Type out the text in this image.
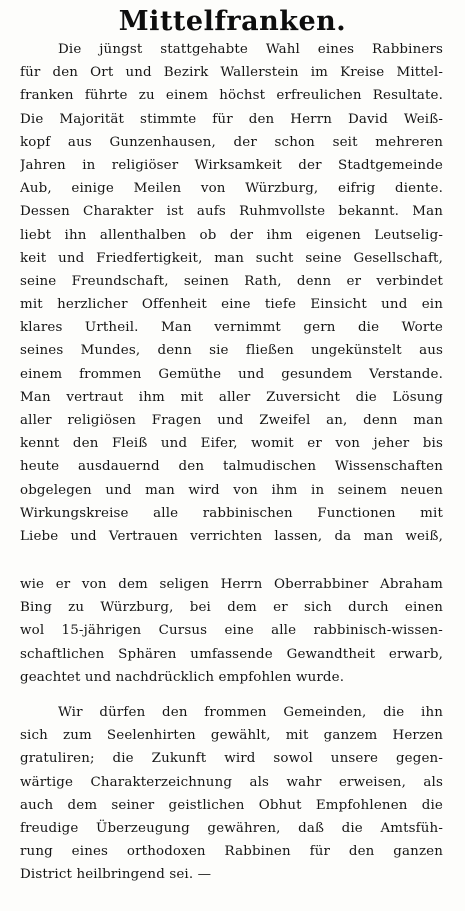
Mittelfranken.
Die jüngst stattgehabte Wahl eines Rabbiners
für den Ort und Bezirk Wallerstein im Kreise Mittel-
franken führte zu einem höchst erfreulichen Resultate.
Die Majorität stimmte für den Herrn David Weiß-
kopf aus Gunzenhausen, der schon seit mehreren
Jahren in religiöser Wirksamkeit der Stadtgemeinde
Aub, einige Meilen von Würzburg, eifrig diente.
Dessen Charakter ist aufs Ruhmvollste bekannt. Man
liebt ihn allenthalben ob der ihm eigenen Leutselig-
keit und Friedfertigkeit, man sucht seine Gesellschaft,
seine Freundschaft, seinen Rath, denn er verbindet
mit herzlicher Offenheit eine tiefe Einsicht und ein
klares Urtheil. Man vernimmt gern die Worte
seines Mundes, denn sie fließen ungekünstelt aus
einem frommen Gemüthe und gesundem Verstande.
Man vertraut ihm mit aller Zuversicht die Lösung
aller religiösen Fragen und Zweifel an, denn man
kennt den Fleiß und Eifer, womit er von jeher bis
heute ausdauernd den talmudischen Wissenschaften
obgelegen und man wird von ihm in seinem neuen
Wirkungskreise alle rabbinischen Functionen mit
Liebe und Vertrauen verrichten lassen, da man weiß,
wie er von dem seligen Herrn Oberrabbiner Abraham
Bing zu Würzburg, bei dem er sich durch einen
wol 15-jährigen Cursus eine alle rabbinisch-wissen-
schaftlichen Sphären umfassende Gewandtheit erwarb,
geachtet und nachdrücklich empfohlen wurde.
Wir dürfen den frommen Gemeinden, die ihn
sich zum Seelenhirten gewählt, mit ganzem Herzen
gratuliren; die Zukunft wird sowol unsere gegen-
wärtige Charakterzeichnung als wahr erweisen, als
auch dem seiner geistlichen Obhut Empfohlenen die
freudige Überzeugung gewähren, daß die Amtsfüh-
rung eines orthodoxen Rabbinen für den ganzen
District heilbringend sei. —
